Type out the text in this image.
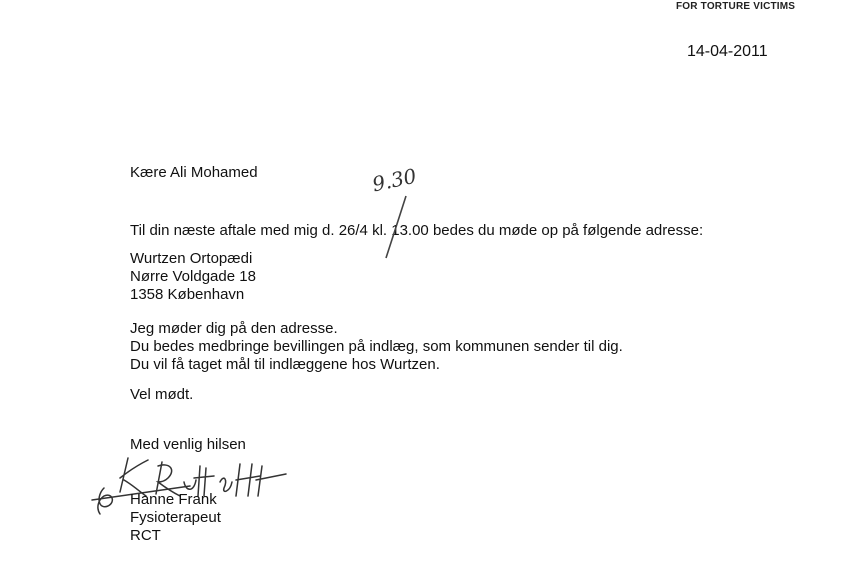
FOR TORTURE VICTIMS
14-04-2011
Kære Ali Mohamed
Til din næste aftale med mig d. 26/4 kl. 13.00 bedes du møde op på følgende adresse:
9.30
Wurtzen Ortopædi
Nørre Voldgade 18
1358 København
Jeg møder dig på den adresse.
Du bedes medbringe bevillingen på indlæg, som kommunen sender til dig.
Du vil få taget mål til indlæggene hos Wurtzen.
Vel mødt.
Med venlig hilsen
Hanne Frank
Fysioterapeut
RCT
